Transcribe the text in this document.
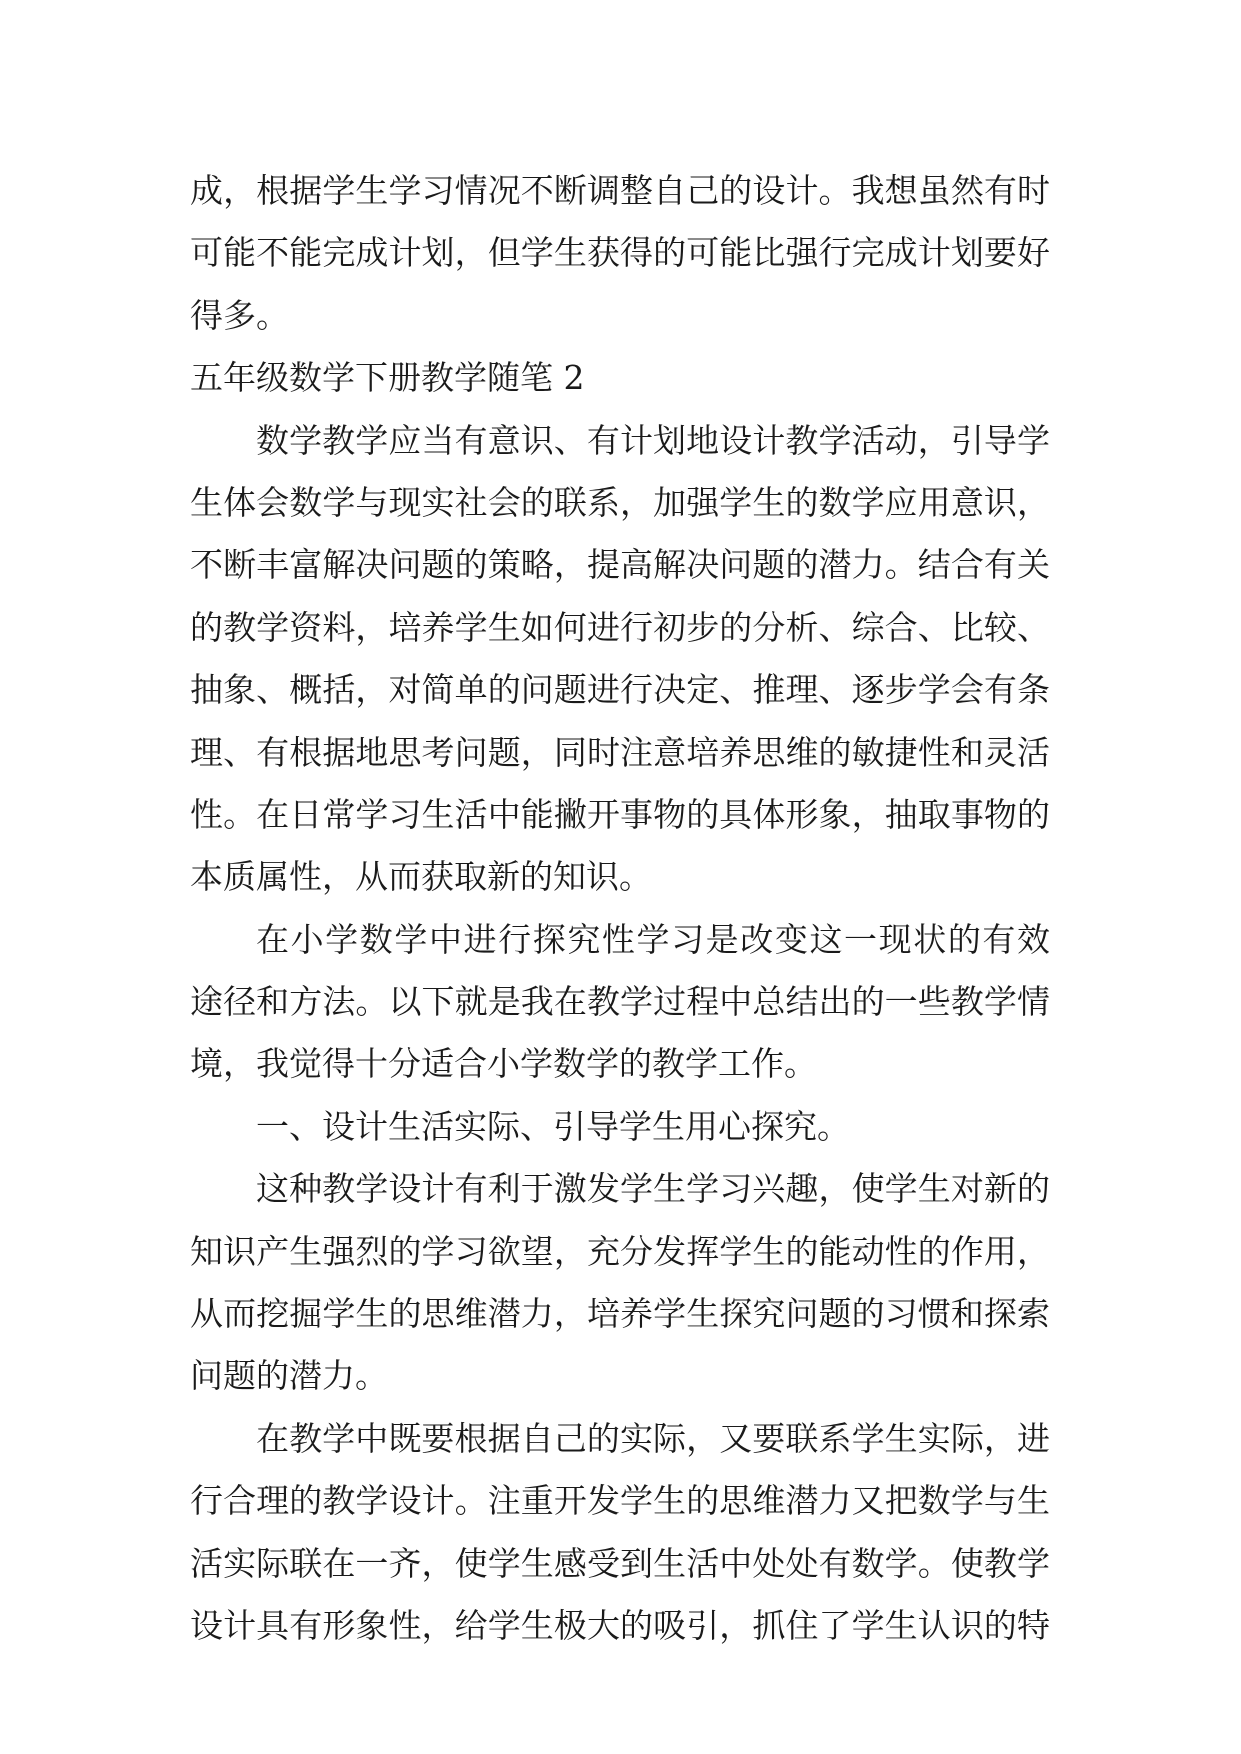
成，根据学生学习情况不断调整自己的设计。我想虽然有时
可能不能完成计划，但学生获得的可能比强行完成计划要好
得多。
五年级数学下册教学随笔 2
数学教学应当有意识、有计划地设计教学活动，引导学
生体会数学与现实社会的联系，加强学生的数学应用意识，
不断丰富解决问题的策略，提高解决问题的潜力。结合有关
的教学资料，培养学生如何进行初步的分析、综合、比较、
抽象、概括，对简单的问题进行决定、推理、逐步学会有条
理、有根据地思考问题，同时注意培养思维的敏捷性和灵活
性。在日常学习生活中能撇开事物的具体形象，抽取事物的
本质属性，从而获取新的知识。
在小学数学中进行探究性学习是改变这一现状的有效
途径和方法。以下就是我在教学过程中总结出的一些教学情
境，我觉得十分适合小学数学的教学工作。
一、设计生活实际、引导学生用心探究。
这种教学设计有利于激发学生学习兴趣，使学生对新的
知识产生强烈的学习欲望，充分发挥学生的能动性的作用，
从而挖掘学生的思维潜力，培养学生探究问题的习惯和探索
问题的潜力。
在教学中既要根据自己的实际，又要联系学生实际，进
行合理的教学设计。注重开发学生的思维潜力又把数学与生
活实际联在一齐，使学生感受到生活中处处有数学。使教学
设计具有形象性，给学生极大的吸引，抓住了学生认识的特
